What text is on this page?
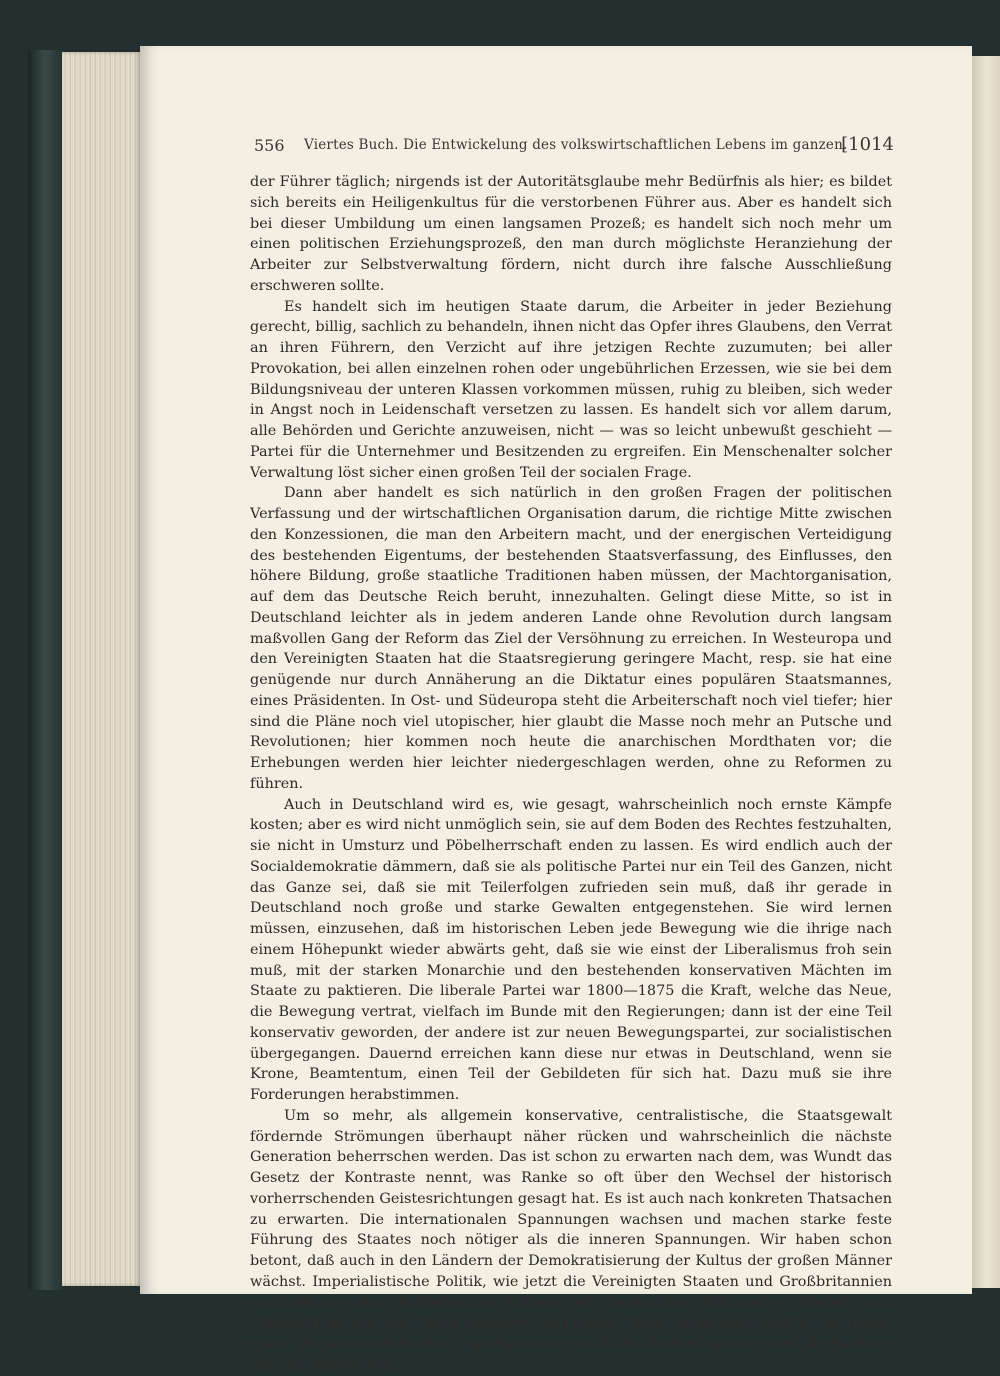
556 Viertes Buch. Die Entwickelung des volkswirtschaftlichen Lebens im ganzen.
[1014

der Führer täglich; nirgends ist der Autoritätsglaube mehr Bedürfnis als hier; es bildet sich bereits ein Heiligenkultus für die verstorbenen Führer aus. Aber es handelt sich bei dieser Umbildung um einen langsamen Prozeß; es handelt sich noch mehr um einen politischen Erziehungsprozeß, den man durch möglichste Heranziehung der Arbeiter zur Selbstverwaltung fördern, nicht durch ihre falsche Ausschließung erschweren sollte.

Es handelt sich im heutigen Staate darum, die Arbeiter in jeder Beziehung gerecht, billig, sachlich zu behandeln, ihnen nicht das Opfer ihres Glaubens, den Verrat an ihren Führern, den Verzicht auf ihre jetzigen Rechte zuzumuten; bei aller Provokation, bei allen einzelnen rohen oder ungebührlichen Erzessen, wie sie bei dem Bildungsniveau der unteren Klassen vorkommen müssen, ruhig zu bleiben, sich weder in Angst noch in Leidenschaft versetzen zu lassen. Es handelt sich vor allem darum, alle Behörden und Gerichte anzuweisen, nicht — was so leicht unbewußt geschieht — Partei für die Unternehmer und Besitzenden zu ergreifen. Ein Menschenalter solcher Verwaltung löst sicher einen großen Teil der socialen Frage.

Dann aber handelt es sich natürlich in den großen Fragen der politischen Verfassung und der wirtschaftlichen Organisation darum, die richtige Mitte zwischen den Konzessionen, die man den Arbeitern macht, und der energischen Verteidigung des bestehenden Eigentums, der bestehenden Staatsverfassung, des Einflusses, den höhere Bildung, große staatliche Traditionen haben müssen, der Machtorganisation, auf dem das Deutsche Reich beruht, innezuhalten. Gelingt diese Mitte, so ist in Deutschland leichter als in jedem anderen Lande ohne Revolution durch langsam maßvollen Gang der Reform das Ziel der Versöhnung zu erreichen. In Westeuropa und den Vereinigten Staaten hat die Staatsregierung geringere Macht, resp. sie hat eine genügende nur durch Annäherung an die Diktatur eines populären Staatsmannes, eines Präsidenten. In Ost- und Südeuropa steht die Arbeiterschaft noch viel tiefer; hier sind die Pläne noch viel utopischer, hier glaubt die Masse noch mehr an Putsche und Revolutionen; hier kommen noch heute die anarchischen Mordthaten vor; die Erhebungen werden hier leichter niedergeschlagen werden, ohne zu Reformen zu führen.

Auch in Deutschland wird es, wie gesagt, wahrscheinlich noch ernste Kämpfe kosten; aber es wird nicht unmöglich sein, sie auf dem Boden des Rechtes festzuhalten, sie nicht in Umsturz und Pöbelherrschaft enden zu lassen. Es wird endlich auch der Socialdemokratie dämmern, daß sie als politische Partei nur ein Teil des Ganzen, nicht das Ganze sei, daß sie mit Teilerfolgen zufrieden sein muß, daß ihr gerade in Deutschland noch große und starke Gewalten entgegenstehen. Sie wird lernen müssen, einzusehen, daß im historischen Leben jede Bewegung wie die ihrige nach einem Höhepunkt wieder abwärts geht, daß sie wie einst der Liberalismus froh sein muß, mit der starken Monarchie und den bestehenden konservativen Mächten im Staate zu paktieren. Die liberale Partei war 1800—1875 die Kraft, welche das Neue, die Bewegung vertrat, vielfach im Bunde mit den Regierungen; dann ist der eine Teil konservativ geworden, der andere ist zur neuen Bewegungspartei, zur socialistischen übergegangen. Dauernd erreichen kann diese nur etwas in Deutschland, wenn sie Krone, Beamtentum, einen Teil der Gebildeten für sich hat. Dazu muß sie ihre Forderungen herabstimmen.

Um so mehr, als allgemein konservative, centralistische, die Staatsgewalt fördernde Strömungen überhaupt näher rücken und wahrscheinlich die nächste Generation beherrschen werden. Das ist schon zu erwarten nach dem, was Wundt das Gesetz der Kontraste nennt, was Ranke so oft über den Wechsel der historisch vorherrschenden Geistesrichtungen gesagt hat. Es ist auch nach konkreten Thatsachen zu erwarten. Die internationalen Spannungen wachsen und machen starke feste Führung des Staates noch nötiger als die inneren Spannungen. Wir haben schon betont, daß auch in den Ländern der Demokratisierung der Kultus der großen Männer wächst. Imperialistische Politik, wie jetzt die Vereinigten Staaten und Großbritannien sie treiben wollen, bedürfen der Männer mit cäsarischem Stil, wie es Disraeli war, Chamberlain sein will. Auch Rosebery und Sidney Webb schwenken jetzt in das Lager eines liberal socialistischen Imperialismus ein. Nicht die Parlamente, nicht die Parteien und die Majoritäten,
